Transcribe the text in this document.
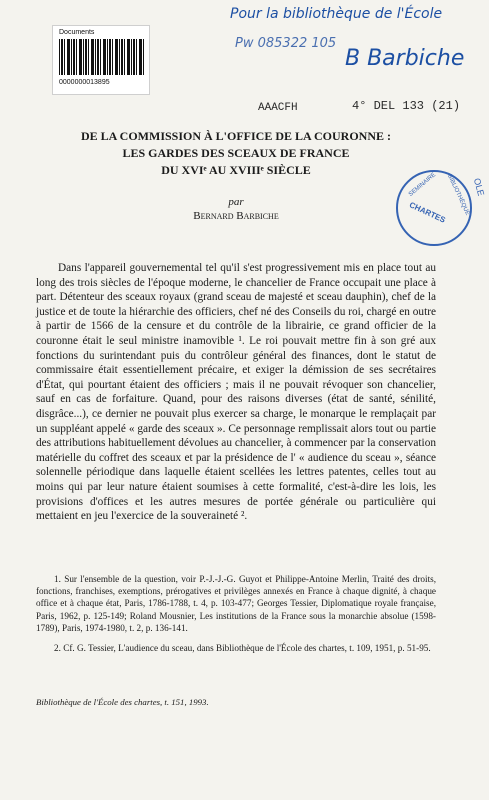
Documents
0000000013895
Pour la bibliothèque de l'École
Pw 085322 105
B Barbiche
AAACFH	4° DEL 133 (21)
SEMINAIRE BIBLIOTHÈQUE
CHARTES
OLE
DE LA COMMISSION À L'OFFICE DE LA COURONNE :
LES GARDES DES SCEAUX DE FRANCE
DU XVIᵉ AU XVIIIᵉ SIÈCLE
par
Bernard Barbiche
Dans l'appareil gouvernemental tel qu'il s'est progressivement mis en place tout au long des trois siècles de l'époque moderne, le chancelier de France occupait une place à part. Détenteur des sceaux royaux (grand sceau de majesté et sceau dauphin), chef de la justice et de toute la hiérarchie des officiers, chef né des Conseils du roi, chargé en outre à partir de 1566 de la censure et du contrôle de la librairie, ce grand officier de la couronne était le seul ministre inamovible ¹. Le roi pouvait mettre fin à son gré aux fonctions du surintendant puis du contrôleur général des finances, dont le statut de commissaire était essentiellement précaire, et exiger la démission de ses secrétaires d'État, qui pourtant étaient des officiers ; mais il ne pouvait révoquer son chancelier, sauf en cas de forfaiture. Quand, pour des raisons diverses (état de santé, sénilité, disgrâce...), ce dernier ne pouvait plus exercer sa charge, le monarque le remplaçait par un suppléant appelé « garde des sceaux ». Ce personnage remplissait alors tout ou partie des attributions habituellement dévolues au chancelier, à commencer par la conservation matérielle du coffret des sceaux et par la présidence de l' « audience du sceau », séance solennelle périodique dans laquelle étaient scellées les lettres patentes, celles tout au moins qui par leur nature étaient soumises à cette formalité, c'est-à-dire les lois, les provisions d'offices et les autres mesures de portée générale ou particulière qui mettaient en jeu l'exercice de la souveraineté ².
1. Sur l'ensemble de la question, voir P.-J.-J.-G. Guyot et Philippe-Antoine Merlin, Traité des droits, fonctions, franchises, exemptions, prérogatives et privilèges annexés en France à chaque dignité, à chaque office et à chaque état, Paris, 1786-1788, t. 4, p. 103-477; Georges Tessier, Diplomatique royale française, Paris, 1962, p. 125-149; Roland Mousnier, Les institutions de la France sous la monarchie absolue (1598-1789), Paris, 1974-1980, t. 2, p. 136-141.
2. Cf. G. Tessier, L'audience du sceau, dans Bibliothèque de l'École des chartes, t. 109, 1951, p. 51-95.
Bibliothèque de l'École des chartes, t. 151, 1993.
